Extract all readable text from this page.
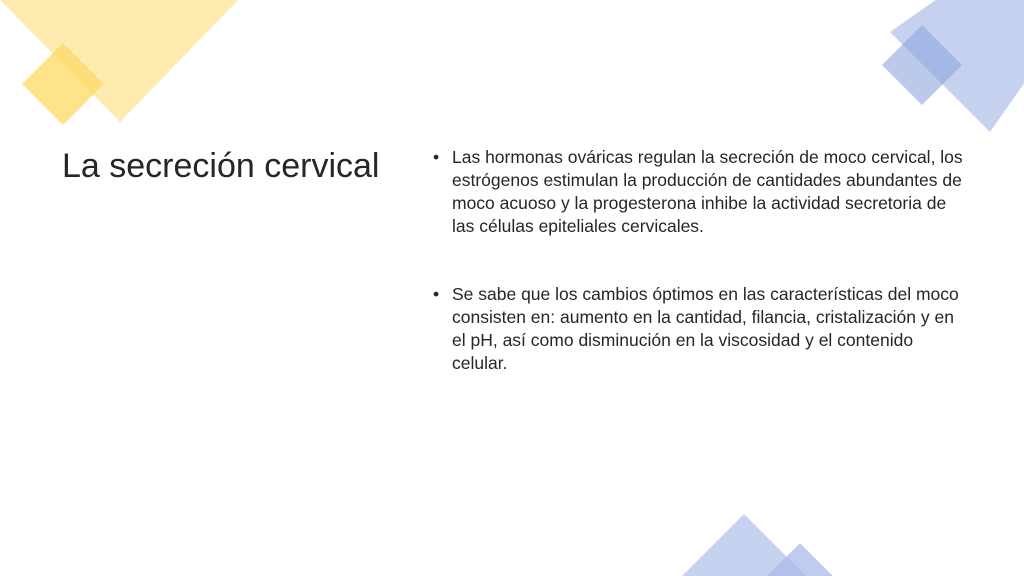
La secreción cervical	• Las hormonas ováricas regulan la secreción de moco cervical, los estrógenos estimulan la producción de cantidades abundantes de moco acuoso y la progesterona inhibe la actividad secretoria de las células epiteliales cervicales.
• Se sabe que los cambios óptimos en las características del moco consisten en: aumento en la cantidad, filancia, cristalización y en el pH, así como disminución en la viscosidad y el contenido celular.
